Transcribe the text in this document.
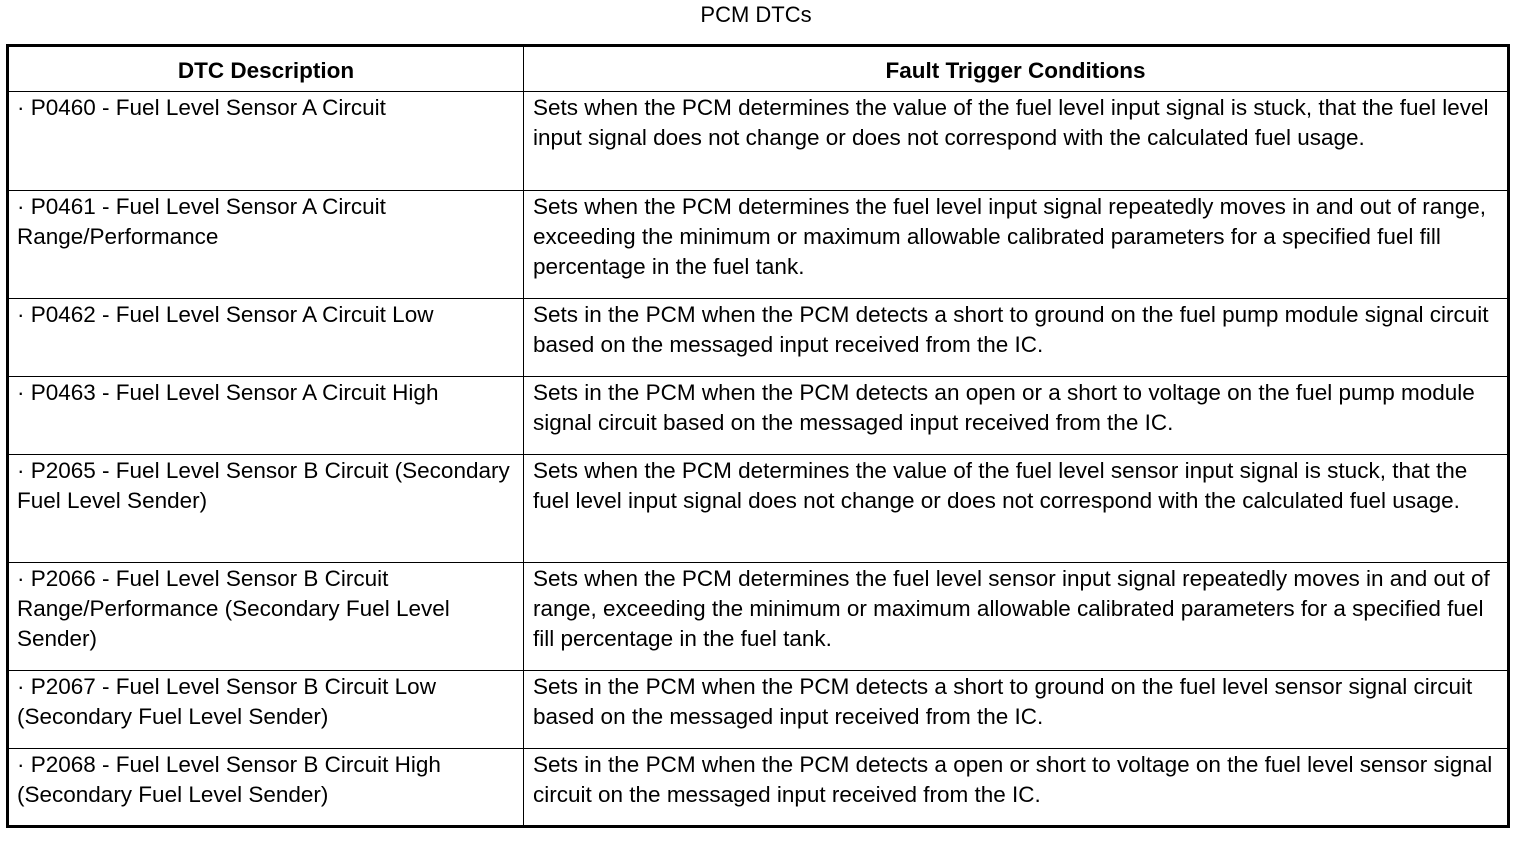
PCM DTCs
DTC Description	Fault Trigger Conditions
· P0460 - Fuel Level Sensor A Circuit	Sets when the PCM determines the value of the fuel level input signal is stuck, that the fuel level input signal does not change or does not correspond with the calculated fuel usage.
· P0461 - Fuel Level Sensor A Circuit Range/Performance	Sets when the PCM determines the fuel level input signal repeatedly moves in and out of range, exceeding the minimum or maximum allowable calibrated parameters for a specified fuel fill percentage in the fuel tank.
· P0462 - Fuel Level Sensor A Circuit Low	Sets in the PCM when the PCM detects a short to ground on the fuel pump module signal circuit based on the messaged input received from the IC.
· P0463 - Fuel Level Sensor A Circuit High	Sets in the PCM when the PCM detects an open or a short to voltage on the fuel pump module signal circuit based on the messaged input received from the IC.
· P2065 - Fuel Level Sensor B Circuit (Secondary Fuel Level Sender)	Sets when the PCM determines the value of the fuel level sensor input signal is stuck, that the fuel level input signal does not change or does not correspond with the calculated fuel usage.
· P2066 - Fuel Level Sensor B Circuit Range/Performance (Secondary Fuel Level Sender)	Sets when the PCM determines the fuel level sensor input signal repeatedly moves in and out of range, exceeding the minimum or maximum allowable calibrated parameters for a specified fuel fill percentage in the fuel tank.
· P2067 - Fuel Level Sensor B Circuit Low (Secondary Fuel Level Sender)	Sets in the PCM when the PCM detects a short to ground on the fuel level sensor signal circuit based on the messaged input received from the IC.
· P2068 - Fuel Level Sensor B Circuit High (Secondary Fuel Level Sender)	Sets in the PCM when the PCM detects a open or short to voltage on the fuel level sensor signal circuit on the messaged input received from the IC.
